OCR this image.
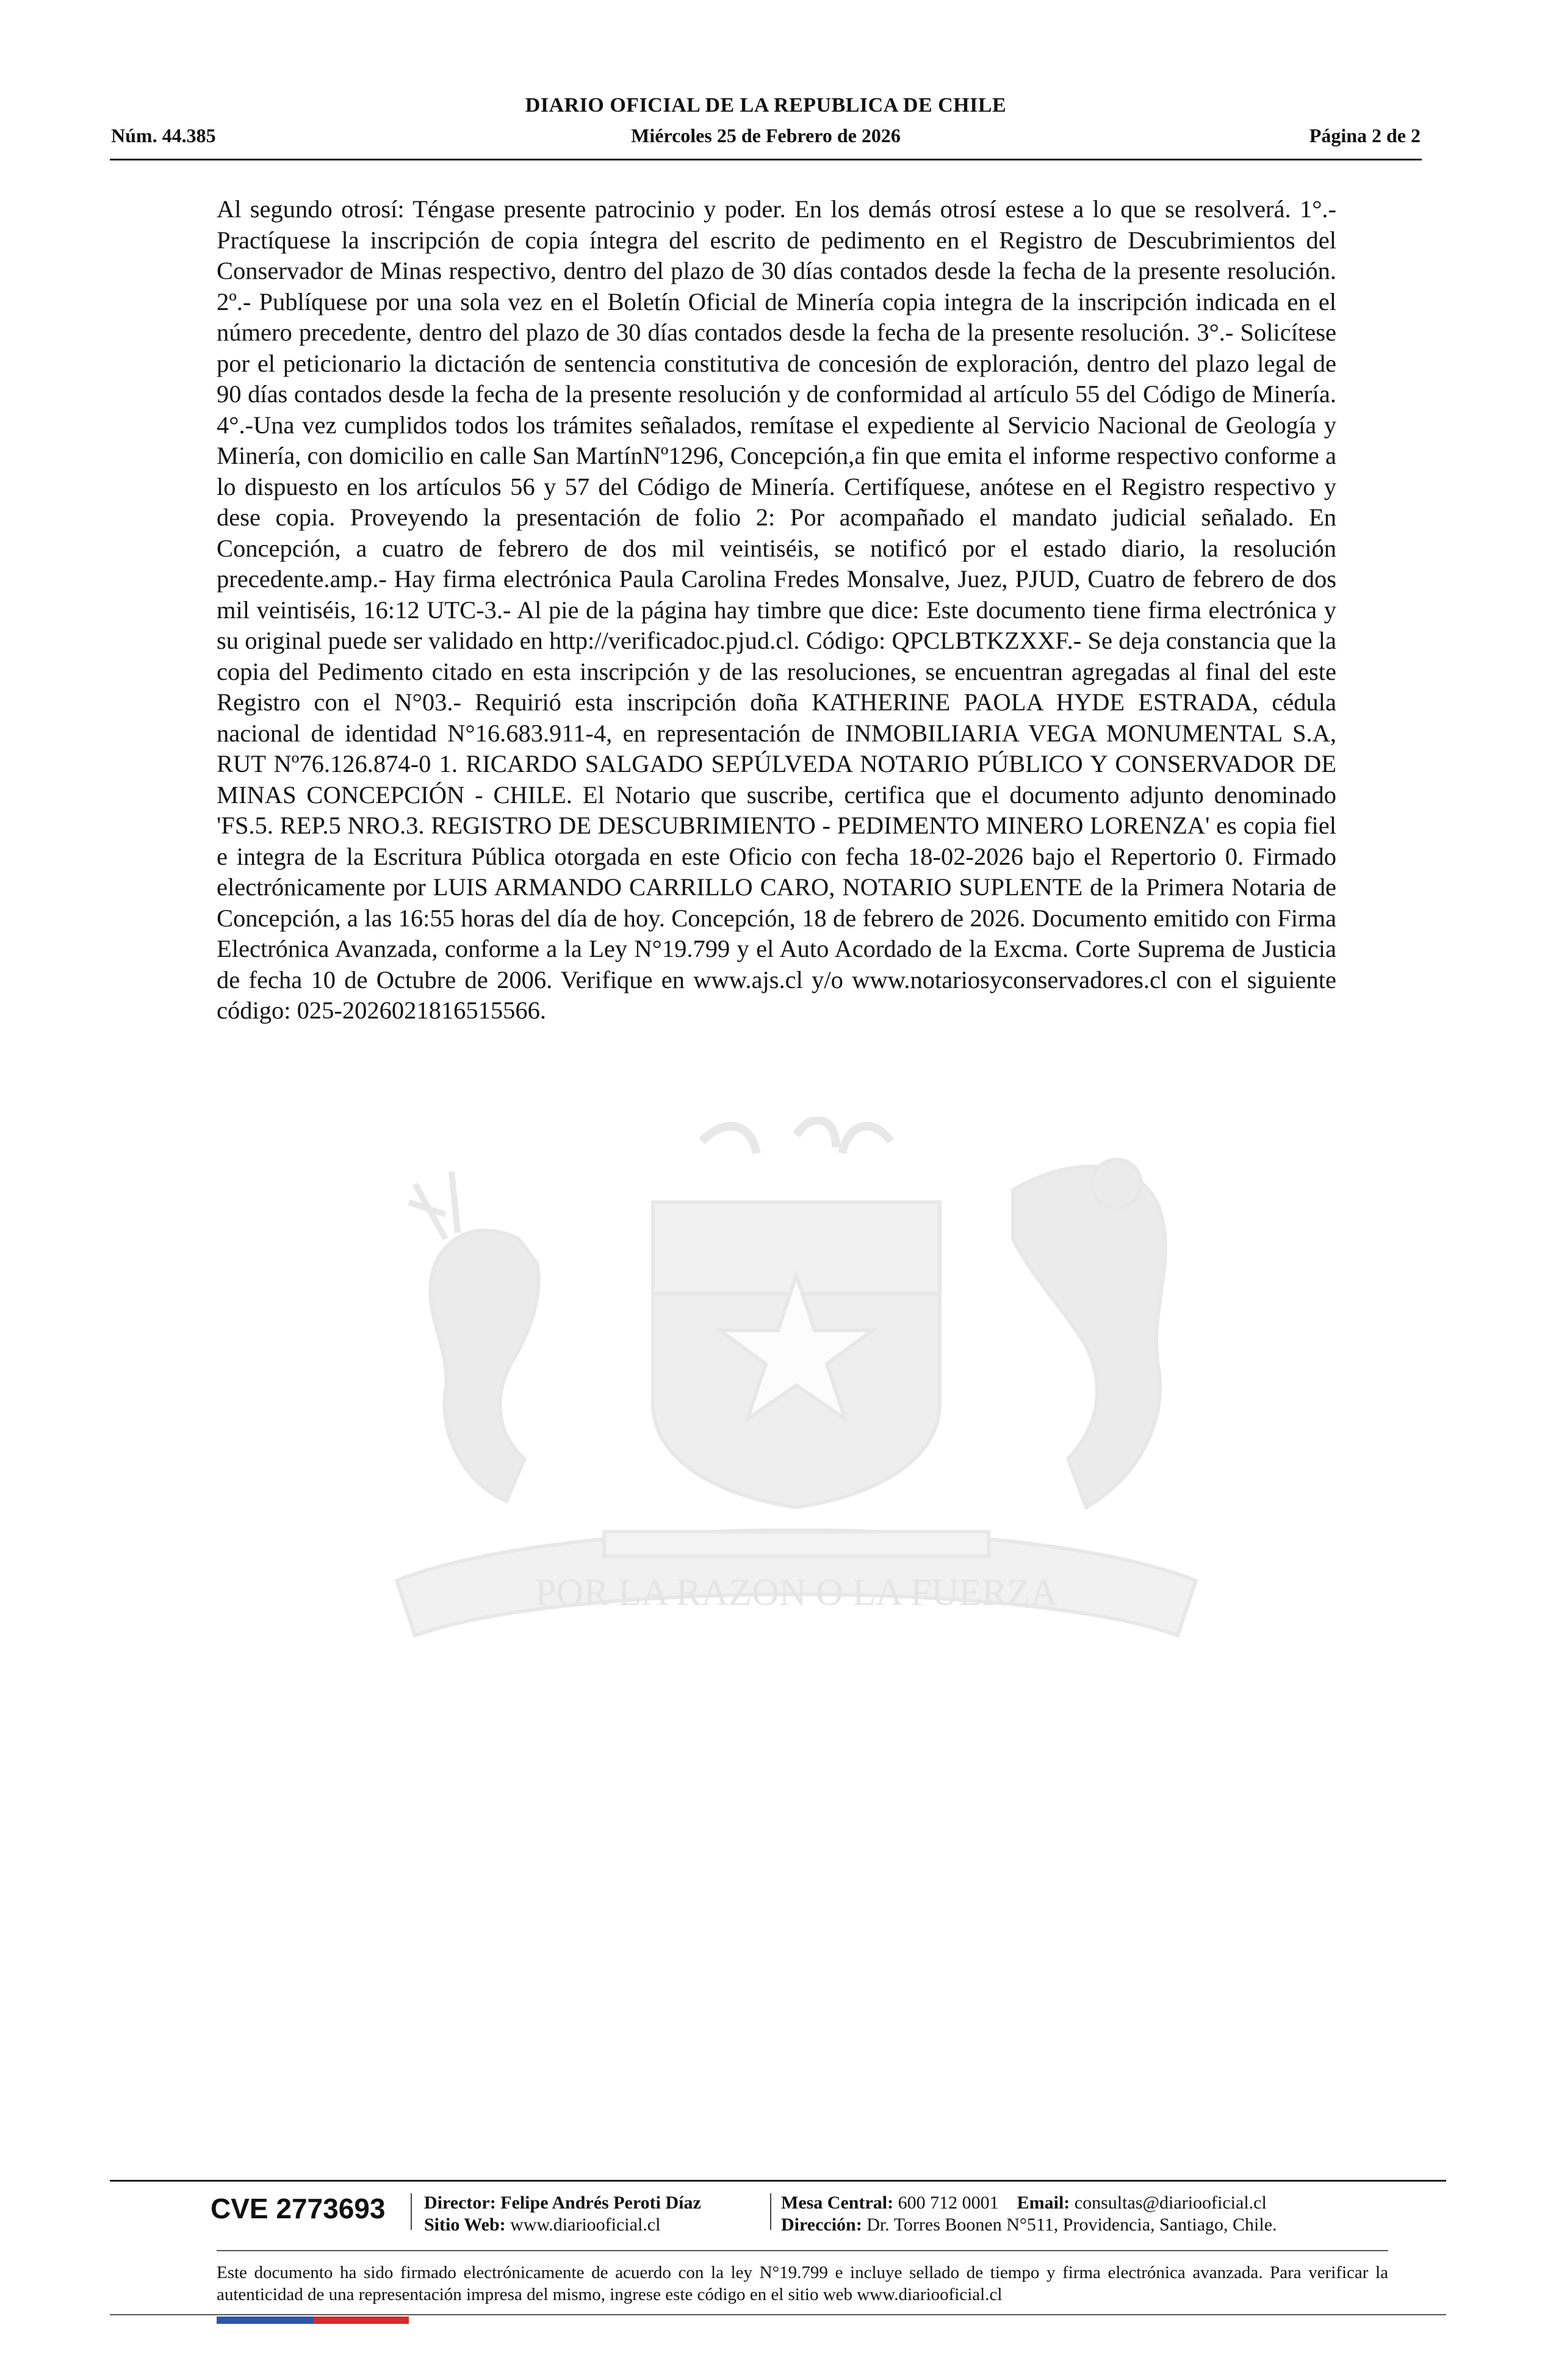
DIARIO OFICIAL DE LA REPUBLICA DE CHILE
Núm. 44.385	Miércoles 25 de Febrero de 2026	Página 2 de 2
POR LA RAZON O LA FUERZA
Al segundo otrosí: Téngase presente patrocinio y poder. En los demás otrosí estese a lo que se resolverá. 1°.- Practíquese la inscripción de copia íntegra del escrito de pedimento en el Registro de Descubrimientos del Conservador de Minas respectivo, dentro del plazo de 30 días contados desde la fecha de la presente resolución. 2º.- Publíquese por una sola vez en el Boletín Oficial de Minería copia integra de la inscripción indicada en el número precedente, dentro del plazo de 30 días contados desde la fecha de la presente resolución. 3°.- Solicítese por el peticionario la dictación de sentencia constitutiva de concesión de exploración, dentro del plazo legal de 90 días contados desde la fecha de la presente resolución y de conformidad al artículo 55 del Código de Minería. 4°.-Una vez cumplidos todos los trámites señalados, remítase el expediente al Servicio Nacional de Geología y Minería, con domicilio en calle San MartínNº1296, Concepción,a fin que emita el informe respectivo conforme a lo dispuesto en los artículos 56 y 57 del Código de Minería. Certifíquese, anótese en el Registro respectivo y dese copia. Proveyendo la presentación de folio 2: Por acompañado el mandato judicial señalado. En Concepción, a cuatro de febrero de dos mil veintiséis, se notificó por el estado diario, la resolución precedente.amp.- Hay firma electrónica Paula Carolina Fredes Monsalve, Juez, PJUD, Cuatro de febrero de dos mil veintiséis, 16:12 UTC-3.- Al pie de la página hay timbre que dice: Este documento tiene firma electrónica y su original puede ser validado en http://verificadoc.pjud.cl. Código: QPCLBTKZXXF.- Se deja constancia que la copia del Pedimento citado en esta inscripción y de las resoluciones, se encuentran agregadas al final del este Registro con el N°03.- Requirió esta inscripción doña KATHERINE PAOLA HYDE ESTRADA, cédula nacional de identidad N°16.683.911-4, en representación de INMOBILIARIA VEGA MONUMENTAL S.A, RUT Nº76.126.874-0 1. RICARDO SALGADO SEPÚLVEDA NOTARIO PÚBLICO Y CONSERVADOR DE MINAS CONCEPCIÓN - CHILE. El Notario que suscribe, certifica que el documento adjunto denominado 'FS.5. REP.5 NRO.3. REGISTRO DE DESCUBRIMIENTO - PEDIMENTO MINERO LORENZA' es copia fiel e integra de la Escritura Pública otorgada en este Oficio con fecha 18-02-2026 bajo el Repertorio 0. Firmado electrónicamente por LUIS ARMANDO CARRILLO CARO, NOTARIO SUPLENTE de la Primera Notaria de Concepción, a las 16:55 horas del día de hoy. Concepción, 18 de febrero de 2026. Documento emitido con Firma Electrónica Avanzada, conforme a la Ley N°19.799 y el Auto Acordado de la Excma. Corte Suprema de Justicia de fecha 10 de Octubre de 2006. Verifique en www.ajs.cl y/o www.notariosyconservadores.cl con el siguiente código: 025-2026021816515566.
CVE 2773693 Director: Felipe Andrés Peroti Díaz
Sitio Web: www.diariooficial.cl
Mesa Central: 600 712 0001 Email: consultas@diariooficial.cl
Dirección: Dr. Torres Boonen N°511, Providencia, Santiago, Chile.
Este documento ha sido firmado electrónicamente de acuerdo con la ley N°19.799 e incluye sellado de tiempo y firma electrónica avanzada. Para verificar la autenticidad de una representación impresa del mismo, ingrese este código en el sitio web www.diariooficial.cl
